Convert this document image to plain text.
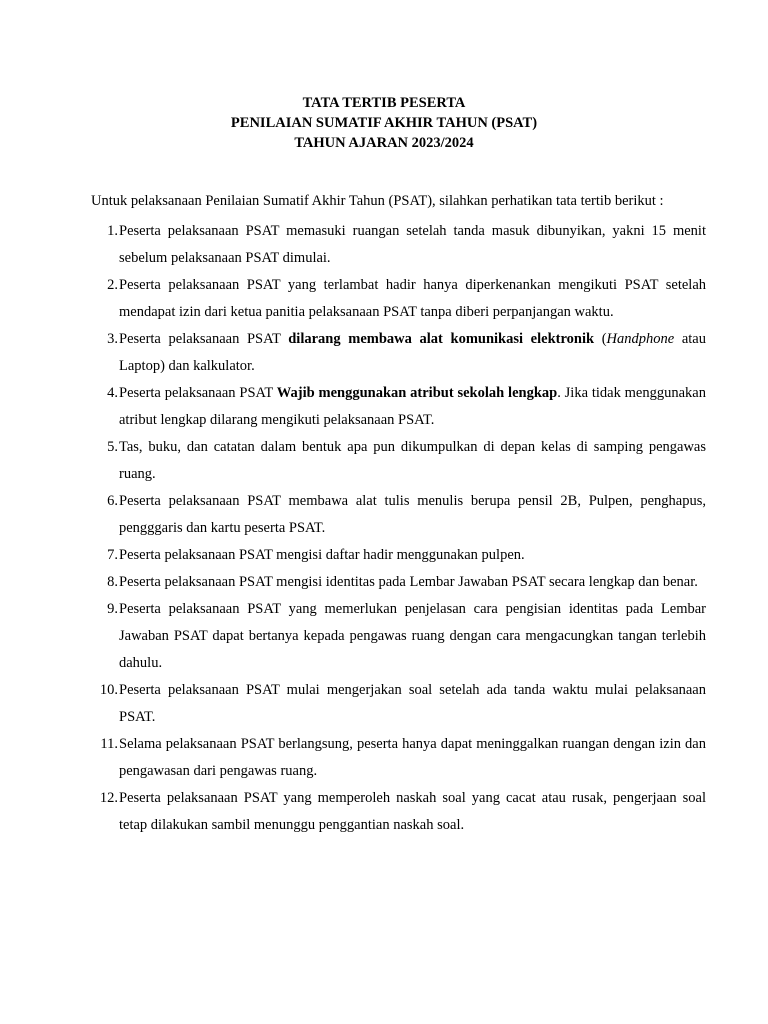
TATA TERTIB PESERTA
PENILAIAN SUMATIF AKHIR TAHUN (PSAT)
TAHUN AJARAN 2023/2024
Untuk pelaksanaan Penilaian Sumatif Akhir Tahun (PSAT), silahkan perhatikan tata tertib berikut :
1. Peserta pelaksanaan PSAT memasuki ruangan setelah tanda masuk dibunyikan, yakni 15 menit sebelum pelaksanaan PSAT dimulai.
2. Peserta pelaksanaan PSAT yang terlambat hadir hanya diperkenankan mengikuti PSAT setelah mendapat izin dari ketua panitia pelaksanaan PSAT tanpa diberi perpanjangan waktu.
3. Peserta pelaksanaan PSAT dilarang membawa alat komunikasi elektronik (Handphone atau Laptop) dan kalkulator.
4. Peserta pelaksanaan PSAT Wajib menggunakan atribut sekolah lengkap. Jika tidak menggunakan atribut lengkap dilarang mengikuti pelaksanaan PSAT.
5. Tas, buku, dan catatan dalam bentuk apa pun dikumpulkan di depan kelas di samping pengawas ruang.
6. Peserta pelaksanaan PSAT membawa alat tulis menulis berupa pensil 2B, Pulpen, penghapus, pengggaris dan kartu peserta PSAT.
7. Peserta pelaksanaan PSAT mengisi daftar hadir menggunakan pulpen.
8. Peserta pelaksanaan PSAT mengisi identitas pada Lembar Jawaban PSAT secara lengkap dan benar.
9. Peserta pelaksanaan PSAT yang memerlukan penjelasan cara pengisian identitas pada Lembar Jawaban PSAT dapat bertanya kepada pengawas ruang dengan cara mengacungkan tangan terlebih dahulu.
10. Peserta pelaksanaan PSAT mulai mengerjakan soal setelah ada tanda waktu mulai pelaksanaan PSAT.
11. Selama pelaksanaan PSAT berlangsung, peserta hanya dapat meninggalkan ruangan dengan izin dan pengawasan dari pengawas ruang.
12. Peserta pelaksanaan PSAT yang memperoleh naskah soal yang cacat atau rusak, pengerjaan soal tetap dilakukan sambil menunggu penggantian naskah soal.
